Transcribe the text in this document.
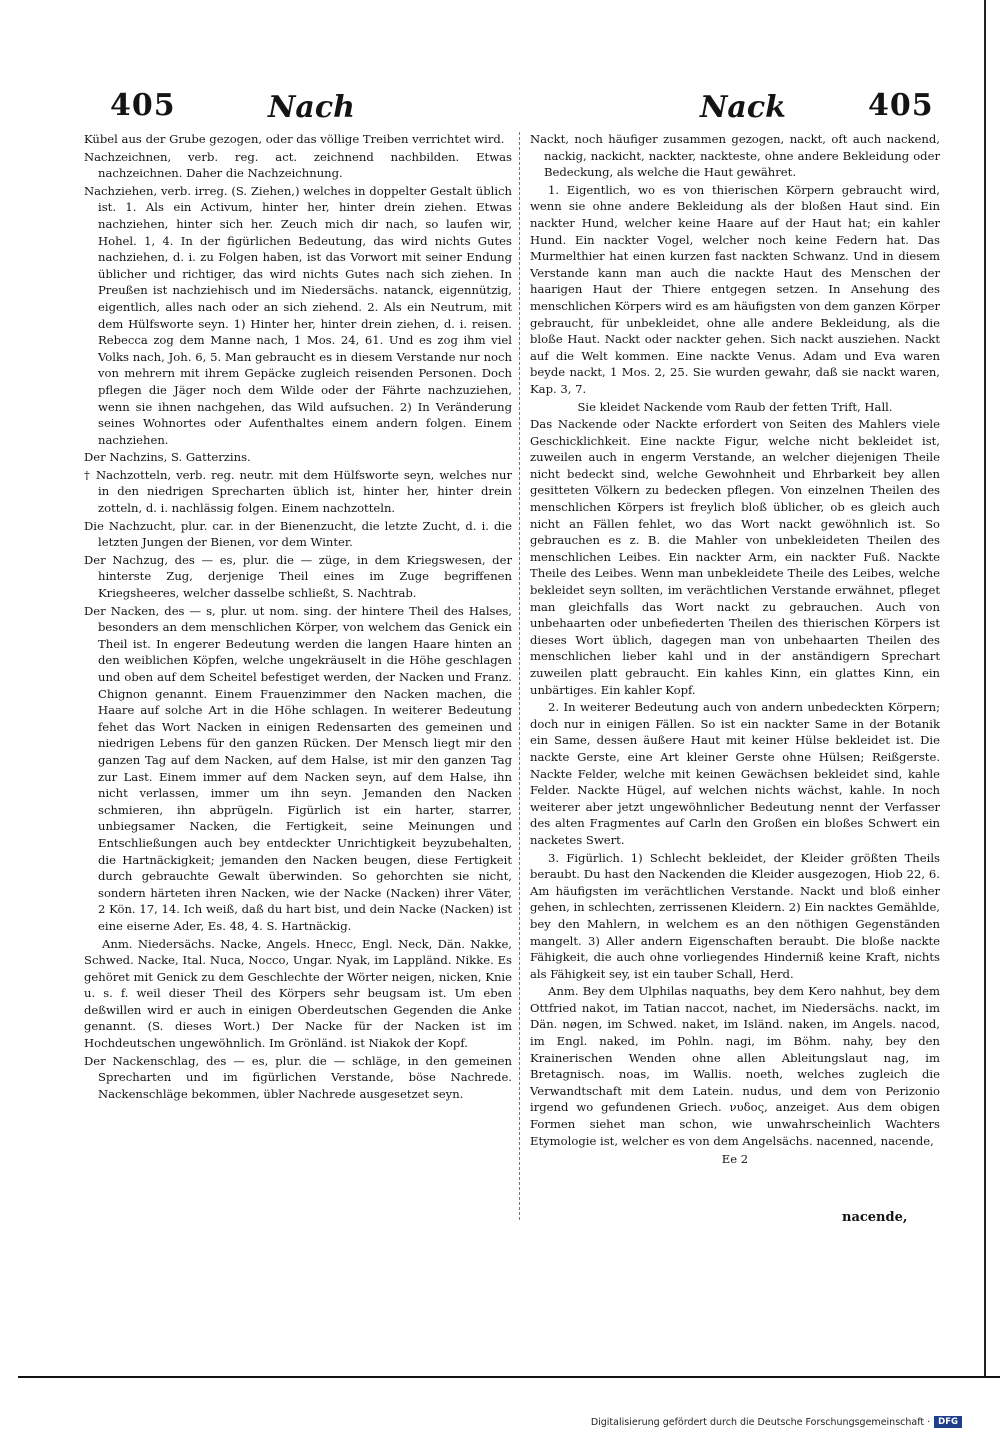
405	Nach	Nack	405

Kübel aus der Grube gezogen, oder das völlige Treiben verrichtet wird.

Nachzeichnen, verb. reg. act. zeichnend nachbilden. Etwas nachzeichnen. Daher die Nachzeichnung.

Nachziehen, verb. irreg. (S. Ziehen,) welches in doppelter Gestalt üblich ist. 1. Als ein Activum, hinter her, hinter drein ziehen. Etwas nachziehen, hinter sich her. Zeuch mich dir nach, so laufen wir, Hohel. 1, 4. In der figürlichen Bedeutung, das wird nichts Gutes nachziehen, d. i. zu Folgen haben, ist das Vorwort mit seiner Endung üblicher und richtiger, das wird nichts Gutes nach sich ziehen. In Preußen ist nachziehisch und im Niedersächs. natanck, eigennützig, eigentlich, alles nach oder an sich ziehend. 2. Als ein Neutrum, mit dem Hülfsworte seyn. 1) Hinter her, hinter drein ziehen, d. i. reisen. Rebecca zog dem Manne nach, 1 Mos. 24, 61. Und es zog ihm viel Volks nach, Joh. 6, 5. Man gebraucht es in diesem Verstande nur noch von mehrern mit ihrem Gepäcke zugleich reisenden Personen. Doch pflegen die Jäger noch dem Wilde oder der Fährte nachzuziehen, wenn sie ihnen nachgehen, das Wild aufsuchen. 2) In Veränderung seines Wohnortes oder Aufenthaltes einem andern folgen. Einem nachziehen.

Der Nachzins, S. Gatterzins.

† Nachzotteln, verb. reg. neutr. mit dem Hülfsworte seyn, welches nur in den niedrigen Sprecharten üblich ist, hinter her, hinter drein zotteln, d. i. nachlässig folgen. Einem nachzotteln.

Die Nachzucht, plur. car. in der Bienenzucht, die letzte Zucht, d. i. die letzten Jungen der Bienen, vor dem Winter.

Der Nachzug, des — es, plur. die — züge, in dem Kriegswesen, der hinterste Zug, derjenige Theil eines im Zuge begriffenen Kriegsheeres, welcher dasselbe schließt, S. Nachtrab.

Der Nacken, des — s, plur. ut nom. sing. der hintere Theil des Halses, besonders an dem menschlichen Körper, von welchem das Genick ein Theil ist. In engerer Bedeutung werden die langen Haare hinten an den weiblichen Köpfen, welche ungekräuselt in die Höhe geschlagen und oben auf dem Scheitel befestiget werden, der Nacken und Franz. Chignon genannt. Einem Frauenzimmer den Nacken machen, die Haare auf solche Art in die Höhe schlagen. In weiterer Bedeutung fehet das Wort Nacken in einigen Redensarten des gemeinen und niedrigen Lebens für den ganzen Rücken. Der Mensch liegt mir den ganzen Tag auf dem Nacken, auf dem Halse, ist mir den ganzen Tag zur Last. Einem immer auf dem Nacken seyn, auf dem Halse, ihn nicht verlassen, immer um ihn seyn. Jemanden den Nacken schmieren, ihn abprügeln. Figürlich ist ein harter, starrer, unbiegsamer Nacken, die Fertigkeit, seine Meinungen und Entschließungen auch bey entdeckter Unrichtigkeit beyzubehalten, die Hartnäckigkeit; jemanden den Nacken beugen, diese Fertigkeit durch gebrauchte Gewalt überwinden. So gehorchten sie nicht, sondern härteten ihren Nacken, wie der Nacke (Nacken) ihrer Väter, 2 Kön. 17, 14. Ich weiß, daß du hart bist, und dein Nacke (Nacken) ist eine eiserne Ader, Es. 48, 4. S. Hartnäckig.

Anm. Niedersächs. Nacke, Angels. Hnecc, Engl. Neck, Dän. Nakke, Schwed. Nacke, Ital. Nuca, Nocco, Ungar. Nyak, im Lappländ. Nikke. Es gehöret mit Genick zu dem Geschlechte der Wörter neigen, nicken, Knie u. s. f. weil dieser Theil des Körpers sehr beugsam ist. Um eben deßwillen wird er auch in einigen Oberdeutschen Gegenden die Anke genannt. (S. dieses Wort.) Der Nacke für der Nacken ist im Hochdeutschen ungewöhnlich. Im Grönländ. ist Niakok der Kopf.

Der Nackenschlag, des — es, plur. die — schläge, in den gemeinen Sprecharten und im figürlichen Verstande, böse Nachrede. Nackenschläge bekommen, übler Nachrede ausgesetzet seyn.

Nackt, noch häufiger zusammen gezogen, nackt, oft auch nackend, nackig, nackicht, nackter, nackteste, ohne andere Bekleidung oder Bedeckung, als welche die Haut gewähret.

1. Eigentlich, wo es von thierischen Körpern gebraucht wird, wenn sie ohne andere Bekleidung als der bloßen Haut sind. Ein nackter Hund, welcher keine Haare auf der Haut hat; ein kahler Hund. Ein nackter Vogel, welcher noch keine Federn hat. Das Murmelthier hat einen kurzen fast nackten Schwanz. Und in diesem Verstande kann man auch die nackte Haut des Menschen der haarigen Haut der Thiere entgegen setzen. In Ansehung des menschlichen Körpers wird es am häufigsten von dem ganzen Körper gebraucht, für unbekleidet, ohne alle andere Bekleidung, als die bloße Haut. Nackt oder nackter gehen. Sich nackt ausziehen. Nackt auf die Welt kommen. Eine nackte Venus. Adam und Eva waren beyde nackt, 1 Mos. 2, 25. Sie wurden gewahr, daß sie nackt waren, Kap. 3, 7.

Sie kleidet Nackende vom Raub der fetten Trift, Hall.

Das Nackende oder Nackte erfordert von Seiten des Mahlers viele Geschicklichkeit. Eine nackte Figur, welche nicht bekleidet ist, zuweilen auch in engerm Verstande, an welcher diejenigen Theile nicht bedeckt sind, welche Gewohnheit und Ehrbarkeit bey allen gesitteten Völkern zu bedecken pflegen. Von einzelnen Theilen des menschlichen Körpers ist freylich bloß üblicher, ob es gleich auch nicht an Fällen fehlet, wo das Wort nackt gewöhnlich ist. So gebrauchen es z. B. die Mahler von unbekleideten Theilen des menschlichen Leibes. Ein nackter Arm, ein nackter Fuß. Nackte Theile des Leibes. Wenn man unbekleidete Theile des Leibes, welche bekleidet seyn sollten, im verächtlichen Verstande erwähnet, pfleget man gleichfalls das Wort nackt zu gebrauchen. Auch von unbehaarten oder unbefiederten Theilen des thierischen Körpers ist dieses Wort üblich, dagegen man von unbehaarten Theilen des menschlichen lieber kahl und in der anständigern Sprechart zuweilen platt gebraucht. Ein kahles Kinn, ein glattes Kinn, ein unbärtiges. Ein kahler Kopf.

2. In weiterer Bedeutung auch von andern unbedeckten Körpern; doch nur in einigen Fällen. So ist ein nackter Same in der Botanik ein Same, dessen äußere Haut mit keiner Hülse bekleidet ist. Die nackte Gerste, eine Art kleiner Gerste ohne Hülsen; Reißgerste. Nackte Felder, welche mit keinen Gewächsen bekleidet sind, kahle Felder. Nackte Hügel, auf welchen nichts wächst, kahle. In noch weiterer aber jetzt ungewöhnlicher Bedeutung nennt der Verfasser des alten Fragmentes auf Carln den Großen ein bloßes Schwert ein nacketes Swert.

3. Figürlich. 1) Schlecht bekleidet, der Kleider größten Theils beraubt. Du hast den Nackenden die Kleider ausgezogen, Hiob 22, 6. Am häufigsten im verächtlichen Verstande. Nackt und bloß einher gehen, in schlechten, zerrissenen Kleidern. 2) Ein nacktes Gemählde, bey den Mahlern, in welchem es an den nöthigen Gegenständen mangelt. 3) Aller andern Eigenschaften beraubt. Die bloße nackte Fähigkeit, die auch ohne vorliegendes Hinderniß keine Kraft, nichts als Fähigkeit sey, ist ein tauber Schall, Herd.

Anm. Bey dem Ulphilas naquaths, bey dem Kero nahhut, bey dem Ottfried nakot, im Tatian naccot, nachet, im Niedersächs. nackt, im Dän. nøgen, im Schwed. naket, im Isländ. naken, im Angels. nacod, im Engl. naked, im Pohln. nagi, im Böhm. nahy, bey den Krainerischen Wenden ohne allen Ableitungslaut nag, im Bretagnisch. noas, im Wallis. noeth, welches zugleich die Verwandtschaft mit dem Latein. nudus, und dem von Perizonio irgend wo gefundenen Griech. νυδος, anzeiget. Aus dem obigen Formen siehet man schon, wie unwahrscheinlich Wachters Etymologie ist, welcher es von dem Angelsächs. nacenned, nacende,

Ee 2

nacende,
Digitalisierung gefördert durch die Deutsche Forschungsgemeinschaft · DFG
